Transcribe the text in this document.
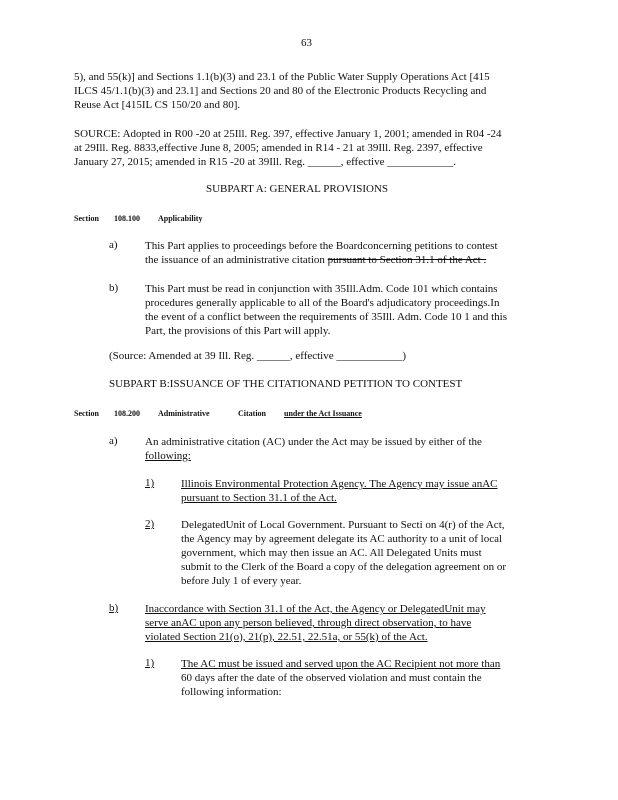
63
5), and 55(k)] and Sections 1.1(b)(3) and 23.1 of the Public Water Supply Operations Act [415
ILCS 45/1.1(b)(3) and 23.1] and Sections 20 and 80 of the Electronic Products Recycling and
Reuse Act [415IL CS 150/20 and 80].
SOURCE: Adopted in R00 -20 at 25Ill. Reg. 397, effective January 1, 2001; amended in R04 -24
at 29Ill. Reg. 8833,effective June 8, 2005; amended in R14 - 21 at 39Ill. Reg. 2397, effective
January 27, 2015; amended in R15 -20 at 39Ill. Reg. ______, effective ____________.
SUBPART A: GENERAL PROVISIONS
Section 108.100 Applicability
a) This Part applies to proceedings before the Boardconcerning petitions to contest
the issuance of an administrative citation pursuant to Section 31.1 of the Act .
b) This Part must be read in conjunction with 35Ill.Adm. Code 101 which contains
procedures generally applicable to all of the Board's adjudicatory proceedings.In
the event of a conflict between the requirements of 35Ill. Adm. Code 10 1 and this
Part, the provisions of this Part will apply.
(Source: Amended at 39 Ill. Reg. ______, effective ____________)
SUBPART B:ISSUANCE OF THE CITATIONAND PETITION TO CONTEST
Section 108.200 Administrative	Citation under the Act Issuance
a) An administrative citation (AC) under the Act may be issued by either of the
following:
1) Illinois Environmental Protection Agency. The Agency may issue anAC
pursuant to Section 31.1 of the Act.
2) DelegatedUnit of Local Government. Pursuant to Secti on 4(r) of the Act,
the Agency may by agreement delegate its AC authority to a unit of local
government, which may then issue an AC. All Delegated Units must
submit to the Clerk of the Board a copy of the delegation agreement on or
before July 1 of every year.
b) Inaccordance with Section 31.1 of the Act, the Agency or DelegatedUnit may
serve anAC upon any person believed, through direct observation, to have
violated Section 21(o), 21(p), 22.51, 22.51a, or 55(k) of the Act.
1) The AC must be issued and served upon the AC Recipient not more than
60 days after the date of the observed violation and must contain the
following information:
